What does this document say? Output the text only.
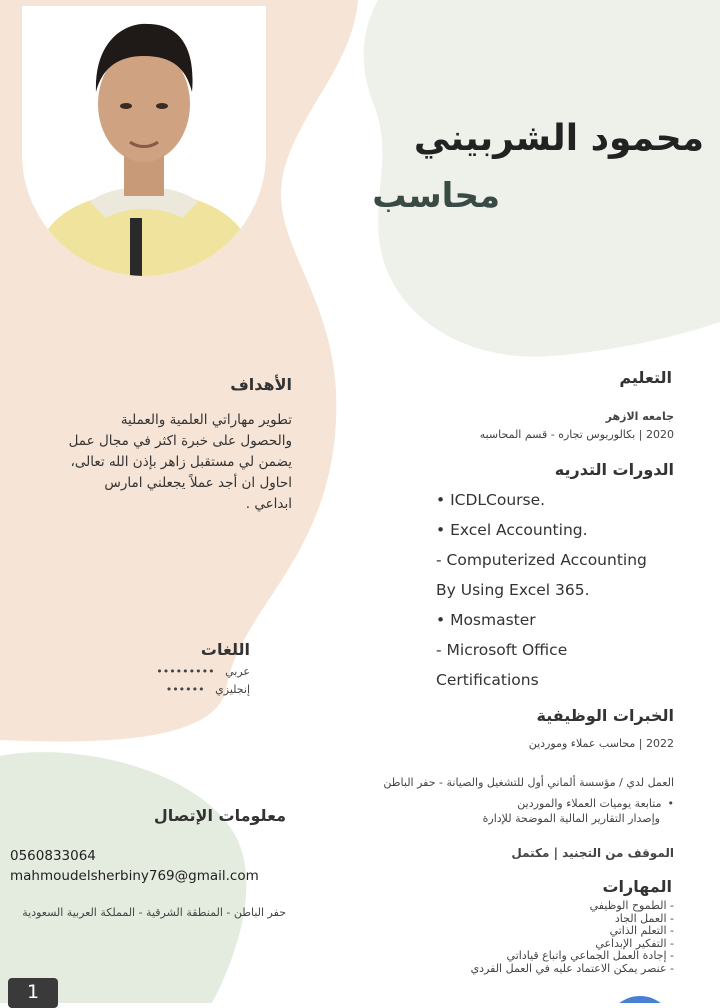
محمود الشربيني
محاسب
الأهداف
تطوير مهاراتي العلمية والعملية
والحصول على خبرة اكثر في مجال عمل
يضمن لي مستقبل زاهر بإذن الله تعالى،
احاول ان أجد عملاً يجعلني امارس
ابداعي .
اللغات
عربي   •••••••••
إنجليزي   ••••••
معلومات الإتصال
0560833064
mahmoudelsherbiny769@gmail.com
حفر الباطن - المنطقة الشرقية - المملكة العربية السعودية
التعليم
جامعه الازهر
2020 | بكالوريوس تجاره - قسم المحاسبه
الدورات التدريه
• ICDLCourse.
• Excel Accounting.
- Computerized Accounting
By Using Excel 365.
• Mosmaster
- Microsoft Office
Certifications
الخبرات الوظيفية
2022 | محاسب عملاء وموردين
العمل لدي / مؤسسة ألماني أول للتشغيل والصيانة - حفر الباطن
•متابعة يوميات العملاء والموردين
وإصدار التقارير المالية الموضحة للإدارة
الموقف من التجنيد | مكتمل
المهارات
- الطموح الوظيفي
- العمل الجاد
- التعلم الذاتي
- التفكير الإبداعي
- إجادة العمل الجماعي واتباع قياداتي
- عنصر يمكن الاعتماد عليه في العمل الفردي
1
